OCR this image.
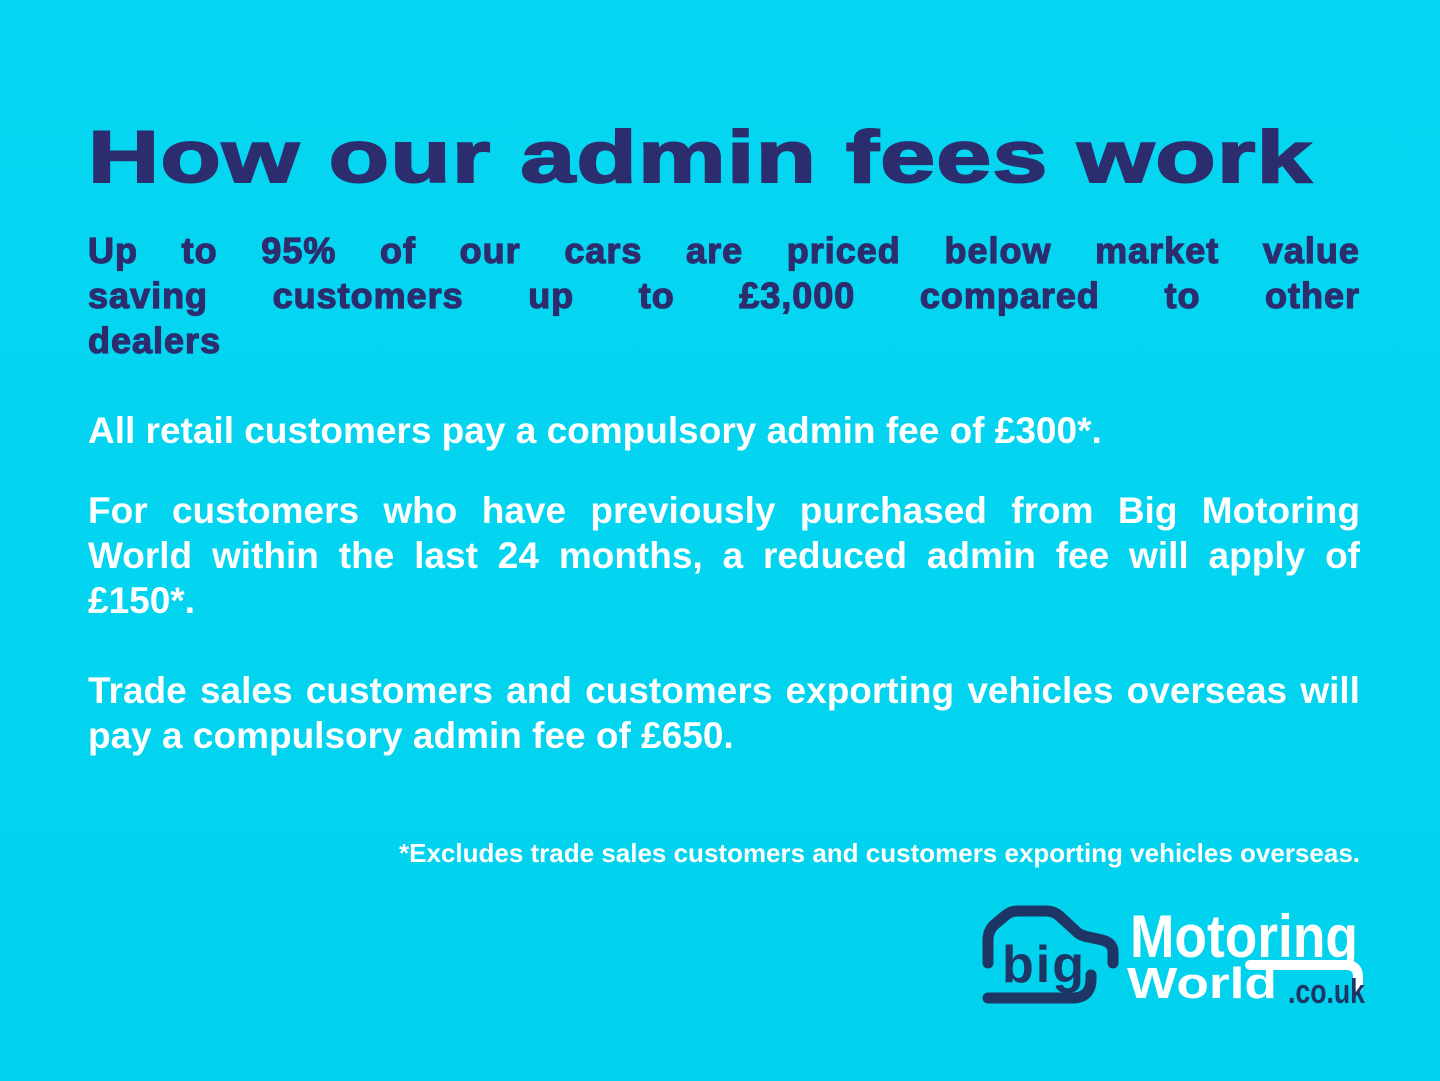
How our admin fees work
Up to 95% of our cars are priced below market value
saving customers up to £3,000 compared to other
dealers
All retail customers pay a compulsory admin fee of £300*.
For customers who have previously purchased from Big Motoring
World within the last 24 months, a reduced admin fee will apply of
£150*.
Trade sales customers and customers exporting vehicles overseas will
pay a compulsory admin fee of £650.
*Excludes trade sales customers and customers exporting vehicles overseas.
big Motoring
World .co.uk
